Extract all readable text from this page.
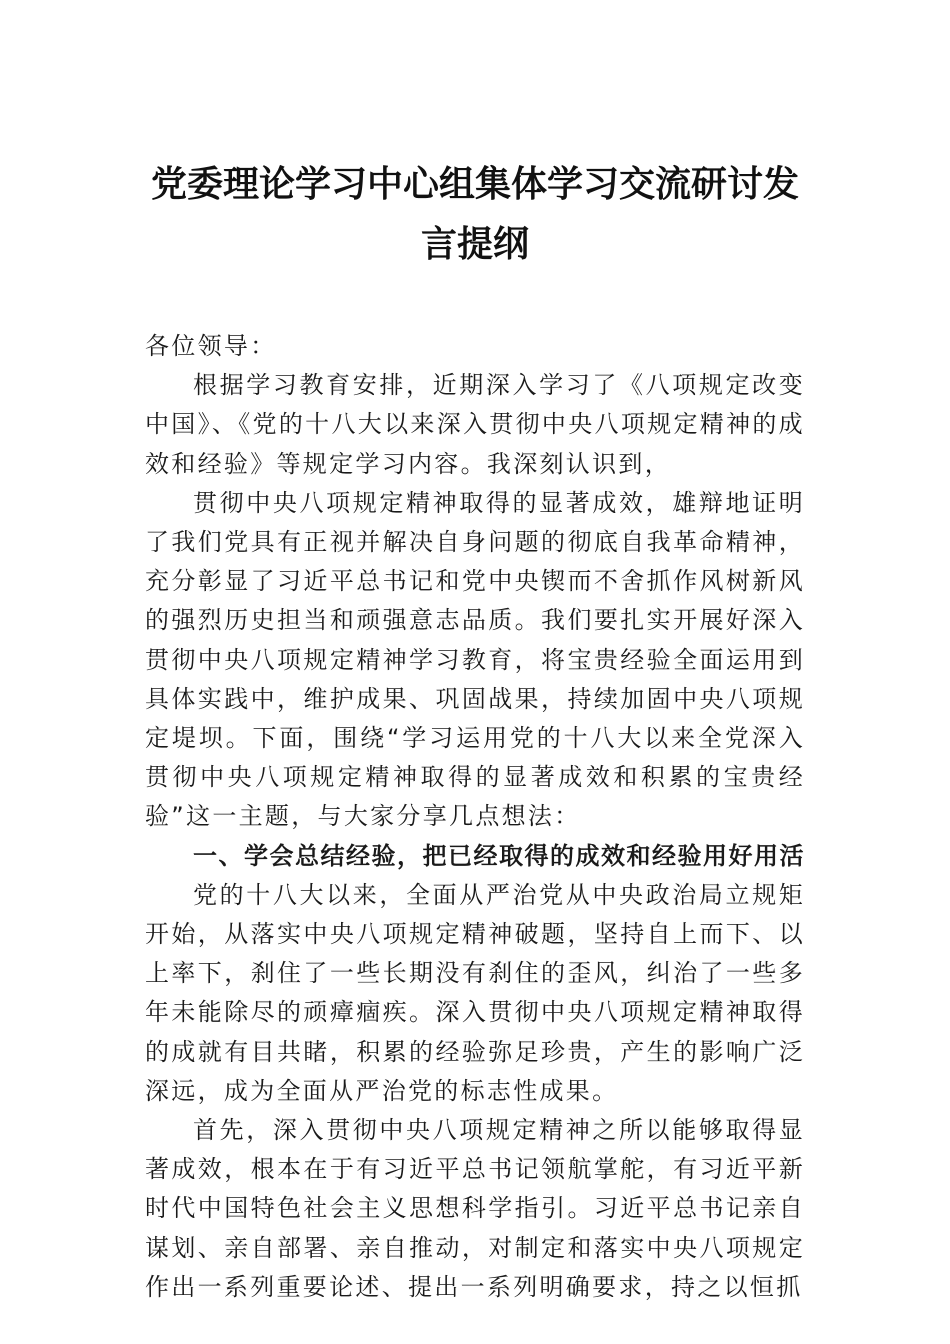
党委理论学习中心组集体学习交流研讨发言提纲

各位领导：

根据学习教育安排，近期深入学习了《八项规定改变中国》、《党的十八大以来深入贯彻中央八项规定精神的成效和经验》等规定学习内容。我深刻认识到，

贯彻中央八项规定精神取得的显著成效，雄辩地证明了我们党具有正视并解决自身问题的彻底自我革命精神，充分彰显了习近平总书记和党中央锲而不舍抓作风树新风的强烈历史担当和顽强意志品质。我们要扎实开展好深入贯彻中央八项规定精神学习教育，将宝贵经验全面运用到具体实践中，维护成果、巩固战果，持续加固中央八项规定堤坝。下面，围绕“学习运用党的十八大以来全党深入贯彻中央八项规定精神取得的显著成效和积累的宝贵经验”这一主题，与大家分享几点想法：

一、学会总结经验，把已经取得的成效和经验用好用活

党的十八大以来，全面从严治党从中央政治局立规矩开始，从落实中央八项规定精神破题，坚持自上而下、以上率下，刹住了一些长期没有刹住的歪风，纠治了一些多年未能除尽的顽瘴痼疾。深入贯彻中央八项规定精神取得的成就有目共睹，积累的经验弥足珍贵，产生的影响广泛深远，成为全面从严治党的标志性成果。

首先，深入贯彻中央八项规定精神之所以能够取得显著成效，根本在于有习近平总书记领航掌舵，有习近平新时代中国特色社会主义思想科学指引。习近平总书记亲自谋划、亲自部署、亲自推动，对制定和落实中央八项规定作出一系列重要论述、提出一系列明确要求，持之以恒抓
